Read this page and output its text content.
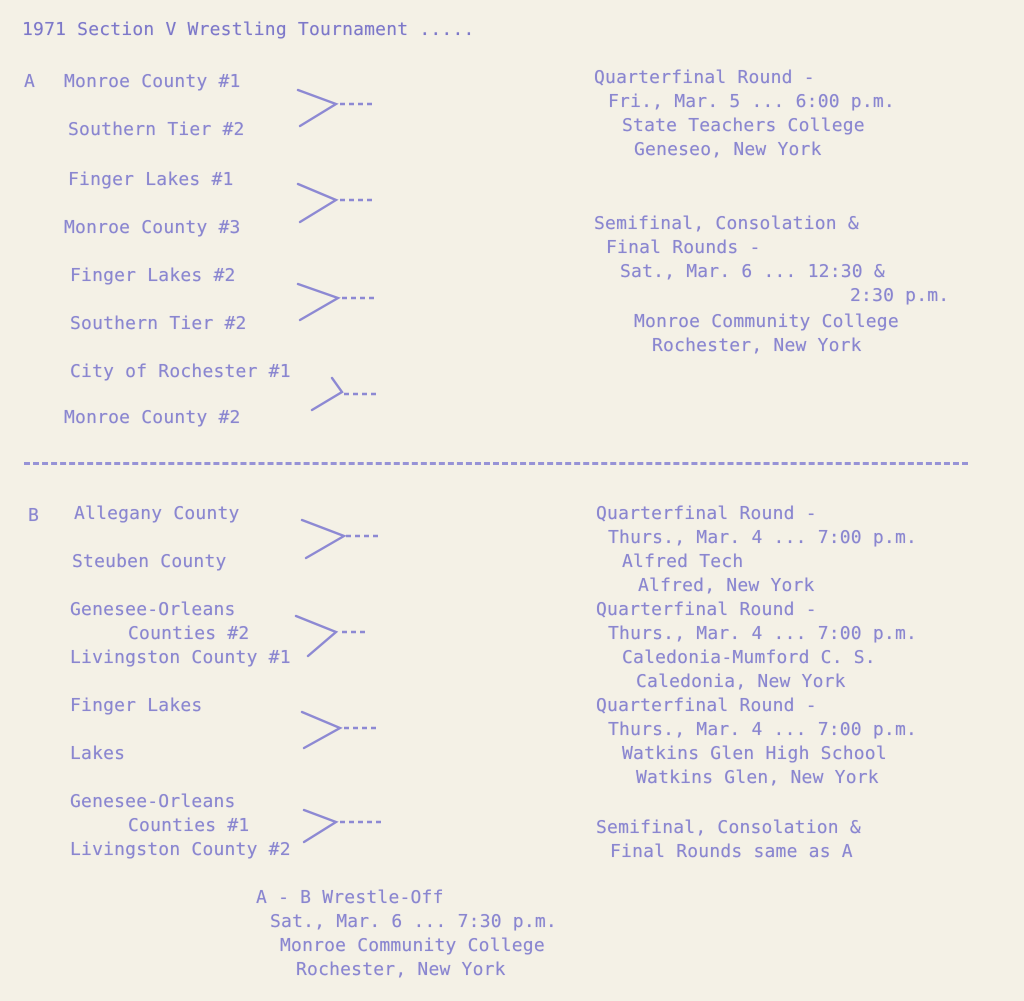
1971 Section V Wrestling Tournament .....
A Monroe County #1
Southern Tier #2
Finger Lakes #1
Monroe County #3
Finger Lakes #2
Southern Tier #2
City of Rochester #1
Monroe County #2
Quarterfinal Round -
Fri., Mar. 5 ... 6:00 p.m.
State Teachers College
Geneseo, New York
Semifinal, Consolation &
Final Rounds -
Sat., Mar. 6 ... 12:30 &
2:30 p.m.
Monroe Community College
Rochester, New York
B Allegany County
Steuben County
Genesee-Orleans
Counties #2
Livingston County #1
Finger Lakes
Lakes
Genesee-Orleans
Counties #1
Livingston County #2
Quarterfinal Round -
Thurs., Mar. 4 ... 7:00 p.m.
Alfred Tech
Alfred, New York
Quarterfinal Round -
Thurs., Mar. 4 ... 7:00 p.m.
Caledonia-Mumford C. S.
Caledonia, New York
Quarterfinal Round -
Thurs., Mar. 4 ... 7:00 p.m.
Watkins Glen High School
Watkins Glen, New York
Semifinal, Consolation &
Final Rounds same as A
A - B Wrestle-Off
Sat., Mar. 6 ... 7:30 p.m.
Monroe Community College
Rochester, New York
